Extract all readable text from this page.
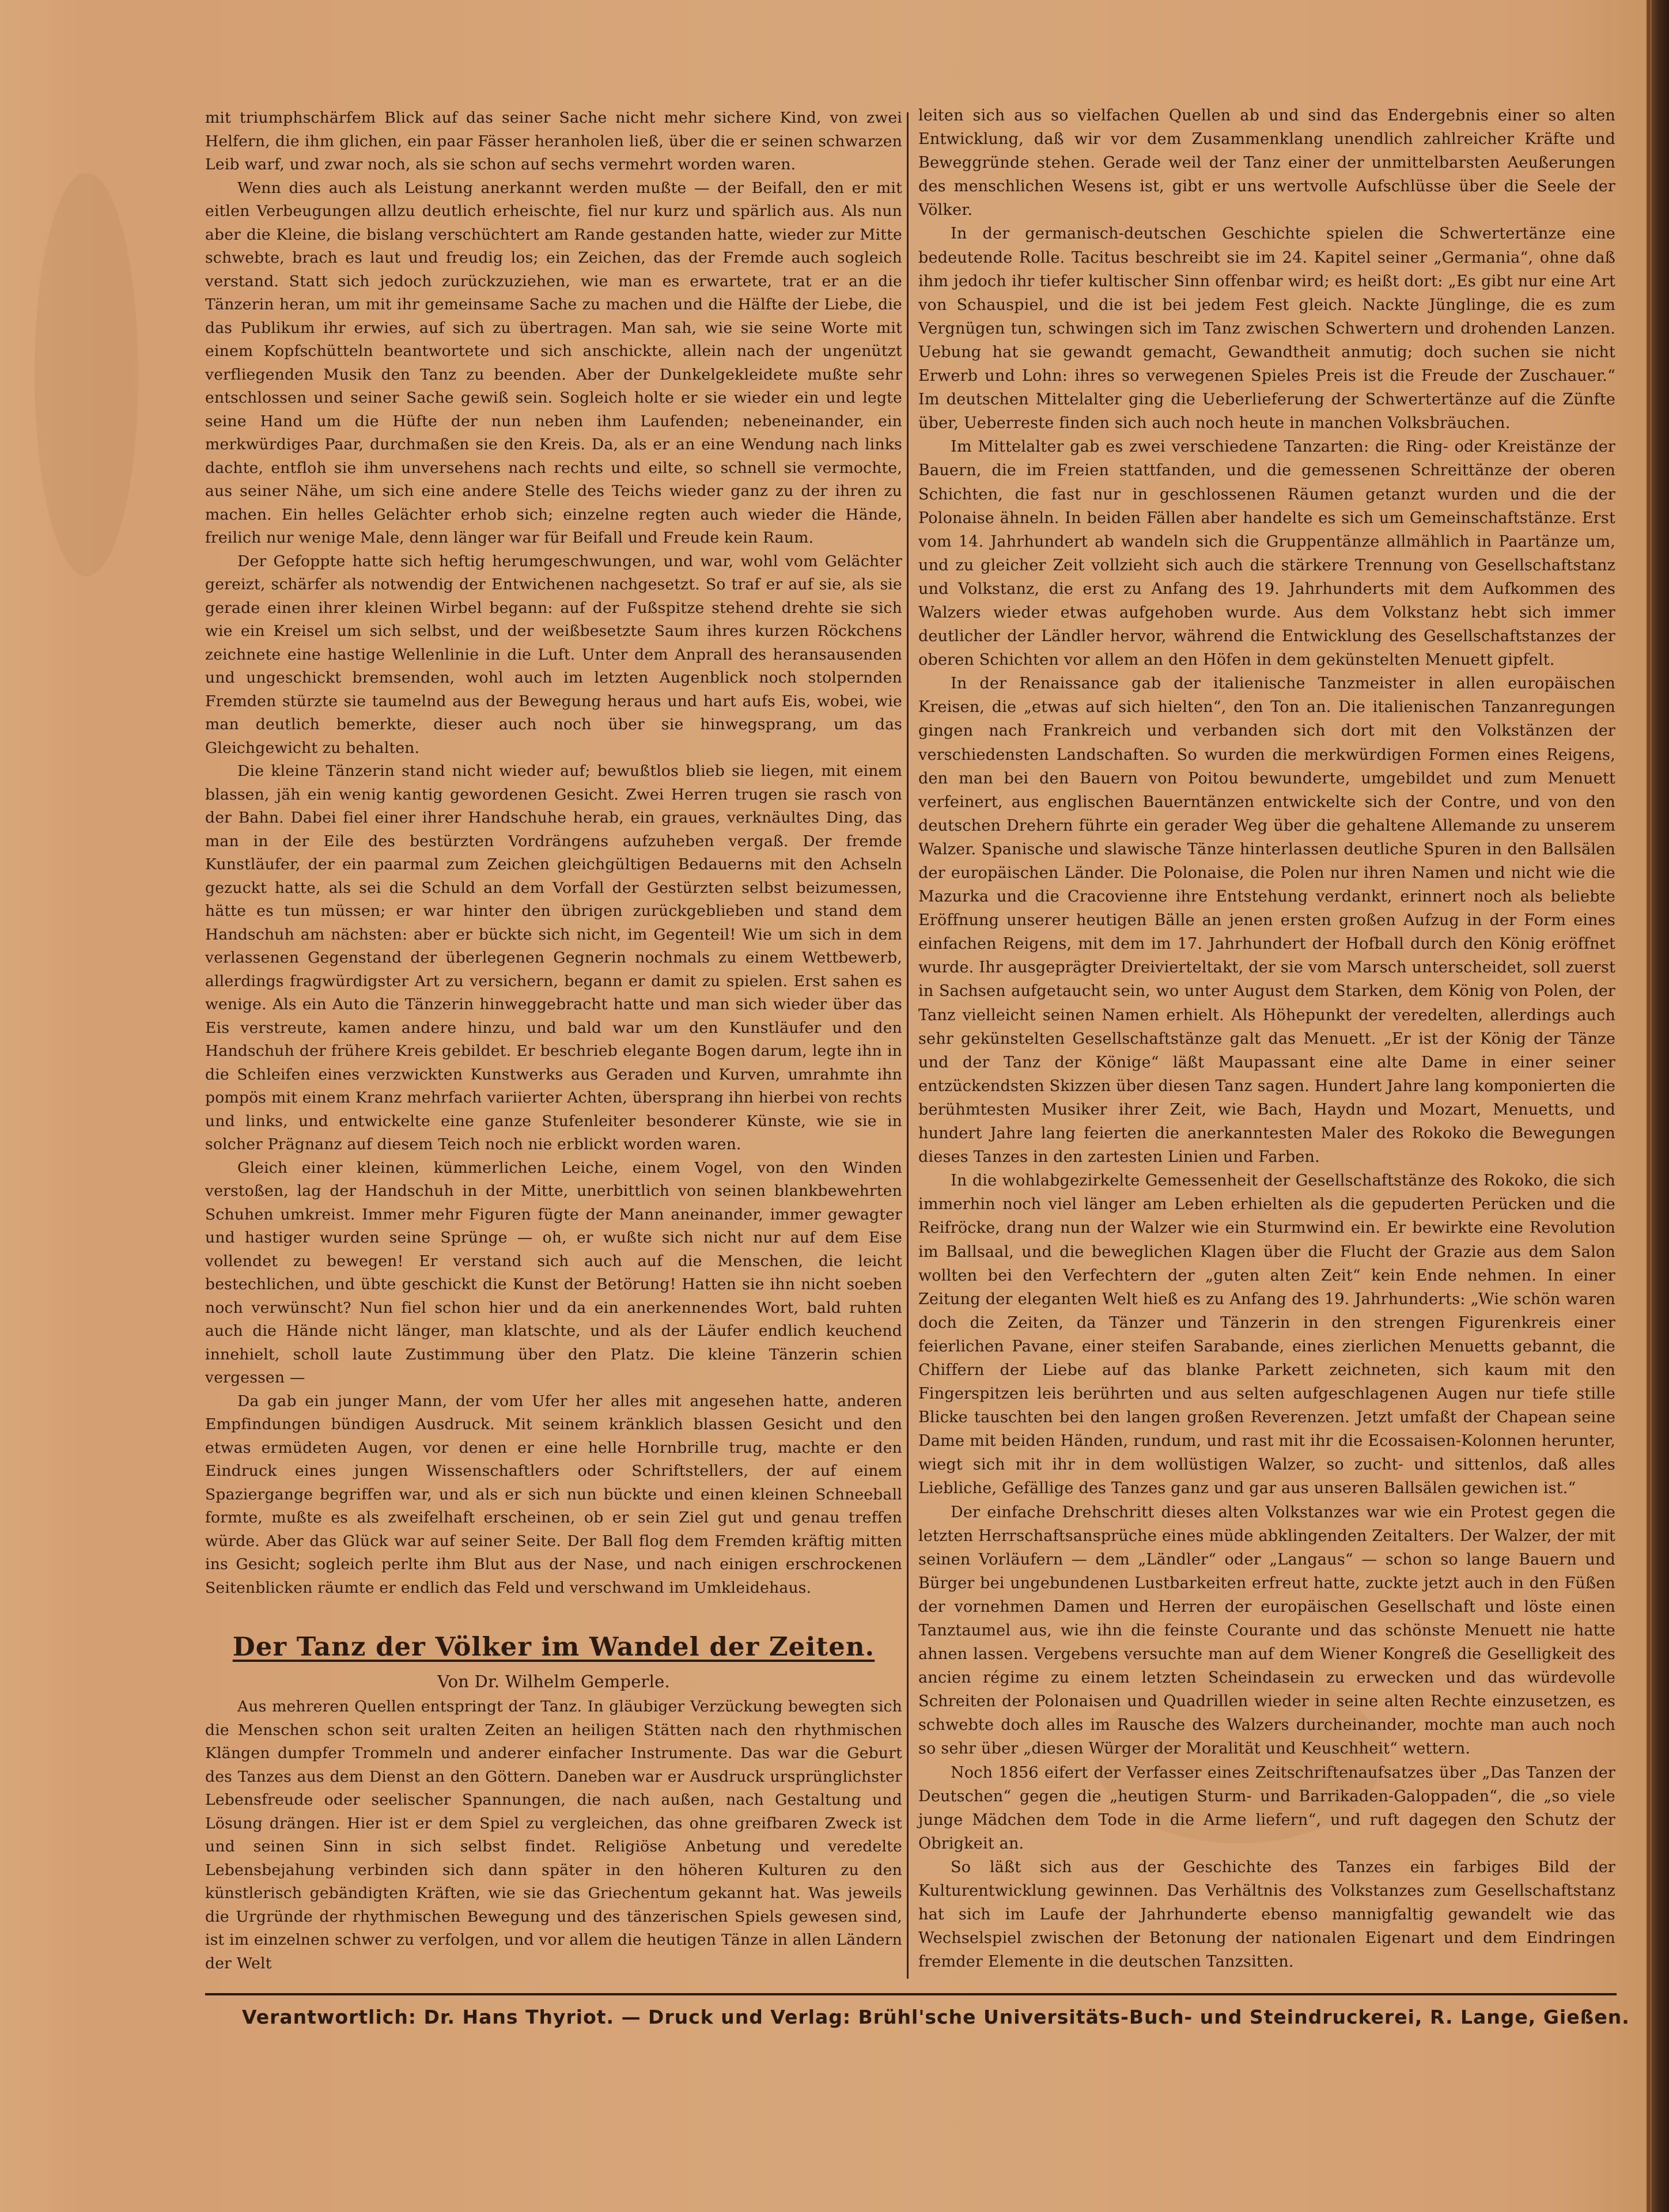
mit triumphschärfem Blick auf das seiner Sache nicht mehr sichere Kind, von zwei Helfern, die ihm glichen, ein paar Fässer heranholen ließ, über die er seinen schwarzen Leib warf, und zwar noch, als sie schon auf sechs vermehrt worden waren.

Wenn dies auch als Leistung anerkannt werden mußte — der Beifall, den er mit eitlen Verbeugungen allzu deutlich erheischte, fiel nur kurz und spärlich aus. Als nun aber die Kleine, die bislang verschüchtert am Rande gestanden hatte, wieder zur Mitte schwebte, brach es laut und freudig los; ein Zeichen, das der Fremde auch sogleich verstand. Statt sich jedoch zurückzuziehen, wie man es erwartete, trat er an die Tänzerin heran, um mit ihr gemeinsame Sache zu machen und die Hälfte der Liebe, die das Publikum ihr erwies, auf sich zu übertragen. Man sah, wie sie seine Worte mit einem Kopfschütteln beantwortete und sich anschickte, allein nach der ungenützt verfliegenden Musik den Tanz zu beenden. Aber der Dunkelgekleidete mußte sehr entschlossen und seiner Sache gewiß sein. Sogleich holte er sie wieder ein und legte seine Hand um die Hüfte der nun neben ihm Laufenden; nebeneinander, ein merkwürdiges Paar, durchmaßen sie den Kreis. Da, als er an eine Wendung nach links dachte, entfloh sie ihm unversehens nach rechts und eilte, so schnell sie vermochte, aus seiner Nähe, um sich eine andere Stelle des Teichs wieder ganz zu der ihren zu machen. Ein helles Gelächter erhob sich; einzelne regten auch wieder die Hände, freilich nur wenige Male, denn länger war für Beifall und Freude kein Raum.

Der Gefoppte hatte sich heftig herumgeschwungen, und war, wohl vom Gelächter gereizt, schärfer als notwendig der Entwichenen nachgesetzt. So traf er auf sie, als sie gerade einen ihrer kleinen Wirbel begann: auf der Fußspitze stehend drehte sie sich wie ein Kreisel um sich selbst, und der weißbesetzte Saum ihres kurzen Röckchens zeichnete eine hastige Wellenlinie in die Luft. Unter dem Anprall des heransausenden und ungeschickt bremsenden, wohl auch im letzten Augenblick noch stolpernden Fremden stürzte sie taumelnd aus der Bewegung heraus und hart aufs Eis, wobei, wie man deutlich bemerkte, dieser auch noch über sie hinwegsprang, um das Gleichgewicht zu behalten.

Die kleine Tänzerin stand nicht wieder auf; bewußtlos blieb sie liegen, mit einem blassen, jäh ein wenig kantig gewordenen Gesicht. Zwei Herren trugen sie rasch von der Bahn. Dabei fiel einer ihrer Handschuhe herab, ein graues, verknäultes Ding, das man in der Eile des bestürzten Vordrängens aufzuheben vergaß. Der fremde Kunstläufer, der ein paarmal zum Zeichen gleichgültigen Bedauerns mit den Achseln gezuckt hatte, als sei die Schuld an dem Vorfall der Gestürzten selbst beizumessen, hätte es tun müssen; er war hinter den übrigen zurückgeblieben und stand dem Handschuh am nächsten: aber er bückte sich nicht, im Gegenteil! Wie um sich in dem verlassenen Gegenstand der überlegenen Gegnerin nochmals zu einem Wettbewerb, allerdings fragwürdigster Art zu versichern, begann er damit zu spielen. Erst sahen es wenige. Als ein Auto die Tänzerin hinweggebracht hatte und man sich wieder über das Eis verstreute, kamen andere hinzu, und bald war um den Kunstläufer und den Handschuh der frühere Kreis gebildet. Er beschrieb elegante Bogen darum, legte ihn in die Schleifen eines verzwickten Kunstwerks aus Geraden und Kurven, umrahmte ihn pompös mit einem Kranz mehrfach variierter Achten, übersprang ihn hierbei von rechts und links, und entwickelte eine ganze Stufenleiter besonderer Künste, wie sie in solcher Prägnanz auf diesem Teich noch nie erblickt worden waren.

Gleich einer kleinen, kümmerlichen Leiche, einem Vogel, von den Winden verstoßen, lag der Handschuh in der Mitte, unerbittlich von seinen blankbewehrten Schuhen umkreist. Immer mehr Figuren fügte der Mann aneinander, immer gewagter und hastiger wurden seine Sprünge — oh, er wußte sich nicht nur auf dem Eise vollendet zu bewegen! Er verstand sich auch auf die Menschen, die leicht bestechlichen, und übte geschickt die Kunst der Betörung! Hatten sie ihn nicht soeben noch verwünscht? Nun fiel schon hier und da ein anerkennendes Wort, bald ruhten auch die Hände nicht länger, man klatschte, und als der Läufer endlich keuchend innehielt, scholl laute Zustimmung über den Platz. Die kleine Tänzerin schien vergessen —

Da gab ein junger Mann, der vom Ufer her alles mit angesehen hatte, anderen Empfindungen bündigen Ausdruck. Mit seinem kränklich blassen Gesicht und den etwas ermüdeten Augen, vor denen er eine helle Hornbrille trug, machte er den Eindruck eines jungen Wissenschaftlers oder Schriftstellers, der auf einem Spaziergange begriffen war, und als er sich nun bückte und einen kleinen Schneeball formte, mußte es als zweifelhaft erscheinen, ob er sein Ziel gut und genau treffen würde. Aber das Glück war auf seiner Seite. Der Ball flog dem Fremden kräftig mitten ins Gesicht; sogleich perlte ihm Blut aus der Nase, und nach einigen erschrockenen Seitenblicken räumte er endlich das Feld und verschwand im Umkleidehaus.

Der Tanz der Völker im Wandel der Zeiten.
Von Dr. Wilhelm Gemperle.

Aus mehreren Quellen entspringt der Tanz. In gläubiger Verzückung bewegten sich die Menschen schon seit uralten Zeiten an heiligen Stätten nach den rhythmischen Klängen dumpfer Trommeln und anderer einfacher Instrumente. Das war die Geburt des Tanzes aus dem Dienst an den Göttern. Daneben war er Ausdruck ursprünglichster Lebensfreude oder seelischer Spannungen, die nach außen, nach Gestaltung und Lösung drängen. Hier ist er dem Spiel zu vergleichen, das ohne greifbaren Zweck ist und seinen Sinn in sich selbst findet. Religiöse Anbetung und veredelte Lebensbejahung verbinden sich dann später in den höheren Kulturen zu den künstlerisch gebändigten Kräften, wie sie das Griechentum gekannt hat. Was jeweils die Urgründe der rhythmischen Bewegung und des tänzerischen Spiels gewesen sind, ist im einzelnen schwer zu verfolgen, und vor allem die heutigen Tänze in allen Ländern der Welt

leiten sich aus so vielfachen Quellen ab und sind das Endergebnis einer so alten Entwicklung, daß wir vor dem Zusammenklang unendlich zahlreicher Kräfte und Beweggründe stehen. Gerade weil der Tanz einer der unmittelbarsten Aeußerungen des menschlichen Wesens ist, gibt er uns wertvolle Aufschlüsse über die Seele der Völker.

In der germanisch-deutschen Geschichte spielen die Schwertertänze eine bedeutende Rolle. Tacitus beschreibt sie im 24. Kapitel seiner „Germania“, ohne daß ihm jedoch ihr tiefer kultischer Sinn offenbar wird; es heißt dort: „Es gibt nur eine Art von Schauspiel, und die ist bei jedem Fest gleich. Nackte Jünglinge, die es zum Vergnügen tun, schwingen sich im Tanz zwischen Schwertern und drohenden Lanzen. Uebung hat sie gewandt gemacht, Gewandtheit anmutig; doch suchen sie nicht Erwerb und Lohn: ihres so verwegenen Spieles Preis ist die Freude der Zuschauer.“ Im deutschen Mittelalter ging die Ueberlieferung der Schwertertänze auf die Zünfte über, Ueberreste finden sich auch noch heute in manchen Volksbräuchen.

Im Mittelalter gab es zwei verschiedene Tanzarten: die Ring- oder Kreistänze der Bauern, die im Freien stattfanden, und die gemessenen Schreittänze der oberen Schichten, die fast nur in geschlossenen Räumen getanzt wurden und die der Polonaise ähneln. In beiden Fällen aber handelte es sich um Gemeinschaftstänze. Erst vom 14. Jahrhundert ab wandeln sich die Gruppentänze allmählich in Paartänze um, und zu gleicher Zeit vollzieht sich auch die stärkere Trennung von Gesellschaftstanz und Volkstanz, die erst zu Anfang des 19. Jahrhunderts mit dem Aufkommen des Walzers wieder etwas aufgehoben wurde. Aus dem Volkstanz hebt sich immer deutlicher der Ländler hervor, während die Entwicklung des Gesellschaftstanzes der oberen Schichten vor allem an den Höfen in dem gekünstelten Menuett gipfelt.

In der Renaissance gab der italienische Tanzmeister in allen europäischen Kreisen, die „etwas auf sich hielten“, den Ton an. Die italienischen Tanzanregungen gingen nach Frankreich und verbanden sich dort mit den Volkstänzen der verschiedensten Landschaften. So wurden die merkwürdigen Formen eines Reigens, den man bei den Bauern von Poitou bewunderte, umgebildet und zum Menuett verfeinert, aus englischen Bauerntänzen entwickelte sich der Contre, und von den deutschen Drehern führte ein gerader Weg über die gehaltene Allemande zu unserem Walzer. Spanische und slawische Tänze hinterlassen deutliche Spuren in den Ballsälen der europäischen Länder. Die Polonaise, die Polen nur ihren Namen und nicht wie die Mazurka und die Cracovienne ihre Entstehung verdankt, erinnert noch als beliebte Eröffnung unserer heutigen Bälle an jenen ersten großen Aufzug in der Form eines einfachen Reigens, mit dem im 17. Jahrhundert der Hofball durch den König eröffnet wurde. Ihr ausgeprägter Dreivierteltakt, der sie vom Marsch unterscheidet, soll zuerst in Sachsen aufgetaucht sein, wo unter August dem Starken, dem König von Polen, der Tanz vielleicht seinen Namen erhielt. Als Höhepunkt der veredelten, allerdings auch sehr gekünstelten Gesellschaftstänze galt das Menuett. „Er ist der König der Tänze und der Tanz der Könige“ läßt Maupassant eine alte Dame in einer seiner entzückendsten Skizzen über diesen Tanz sagen. Hundert Jahre lang komponierten die berühmtesten Musiker ihrer Zeit, wie Bach, Haydn und Mozart, Menuetts, und hundert Jahre lang feierten die anerkanntesten Maler des Rokoko die Bewegungen dieses Tanzes in den zartesten Linien und Farben.

In die wohlabgezirkelte Gemessenheit der Gesellschaftstänze des Rokoko, die sich immerhin noch viel länger am Leben erhielten als die gepuderten Perücken und die Reifröcke, drang nun der Walzer wie ein Sturmwind ein. Er bewirkte eine Revolution im Ballsaal, und die beweglichen Klagen über die Flucht der Grazie aus dem Salon wollten bei den Verfechtern der „guten alten Zeit“ kein Ende nehmen. In einer Zeitung der eleganten Welt hieß es zu Anfang des 19. Jahrhunderts: „Wie schön waren doch die Zeiten, da Tänzer und Tänzerin in den strengen Figurenkreis einer feierlichen Pavane, einer steifen Sarabande, eines zierlichen Menuetts gebannt, die Chiffern der Liebe auf das blanke Parkett zeichneten, sich kaum mit den Fingerspitzen leis berührten und aus selten aufgeschlagenen Augen nur tiefe stille Blicke tauschten bei den langen großen Reverenzen. Jetzt umfaßt der Chapean seine Dame mit beiden Händen, rundum, und rast mit ihr die Ecossaisen-Kolonnen herunter, wiegt sich mit ihr in dem wollüstigen Walzer, so zucht- und sittenlos, daß alles Liebliche, Gefällige des Tanzes ganz und gar aus unseren Ballsälen gewichen ist.“

Der einfache Drehschritt dieses alten Volkstanzes war wie ein Protest gegen die letzten Herrschaftsansprüche eines müde abklingenden Zeitalters. Der Walzer, der mit seinen Vorläufern — dem „Ländler“ oder „Langaus“ — schon so lange Bauern und Bürger bei ungebundenen Lustbarkeiten erfreut hatte, zuckte jetzt auch in den Füßen der vornehmen Damen und Herren der europäischen Gesellschaft und löste einen Tanztaumel aus, wie ihn die feinste Courante und das schönste Menuett nie hatte ahnen lassen. Vergebens versuchte man auf dem Wiener Kongreß die Geselligkeit des ancien régime zu einem letzten Scheindasein zu erwecken und das würdevolle Schreiten der Polonaisen und Quadrillen wieder in seine alten Rechte einzusetzen, es schwebte doch alles im Rausche des Walzers durcheinander, mochte man auch noch so sehr über „diesen Würger der Moralität und Keuschheit“ wettern.

Noch 1856 eifert der Verfasser eines Zeitschriftenaufsatzes über „Das Tanzen der Deutschen“ gegen die „heutigen Sturm- und Barrikaden-Galoppaden“, die „so viele junge Mädchen dem Tode in die Arme liefern“, und ruft dagegen den Schutz der Obrigkeit an.

So läßt sich aus der Geschichte des Tanzes ein farbiges Bild der Kulturentwicklung gewinnen. Das Verhältnis des Volkstanzes zum Gesellschaftstanz hat sich im Laufe der Jahrhunderte ebenso mannigfaltig gewandelt wie das Wechselspiel zwischen der Betonung der nationalen Eigenart und dem Eindringen fremder Elemente in die deutschen Tanzsitten.

Verantwortlich: Dr. Hans Thyriot. — Druck und Verlag: Brühl'sche Universitäts-Buch- und Steindruckerei, R. Lange, Gießen.
